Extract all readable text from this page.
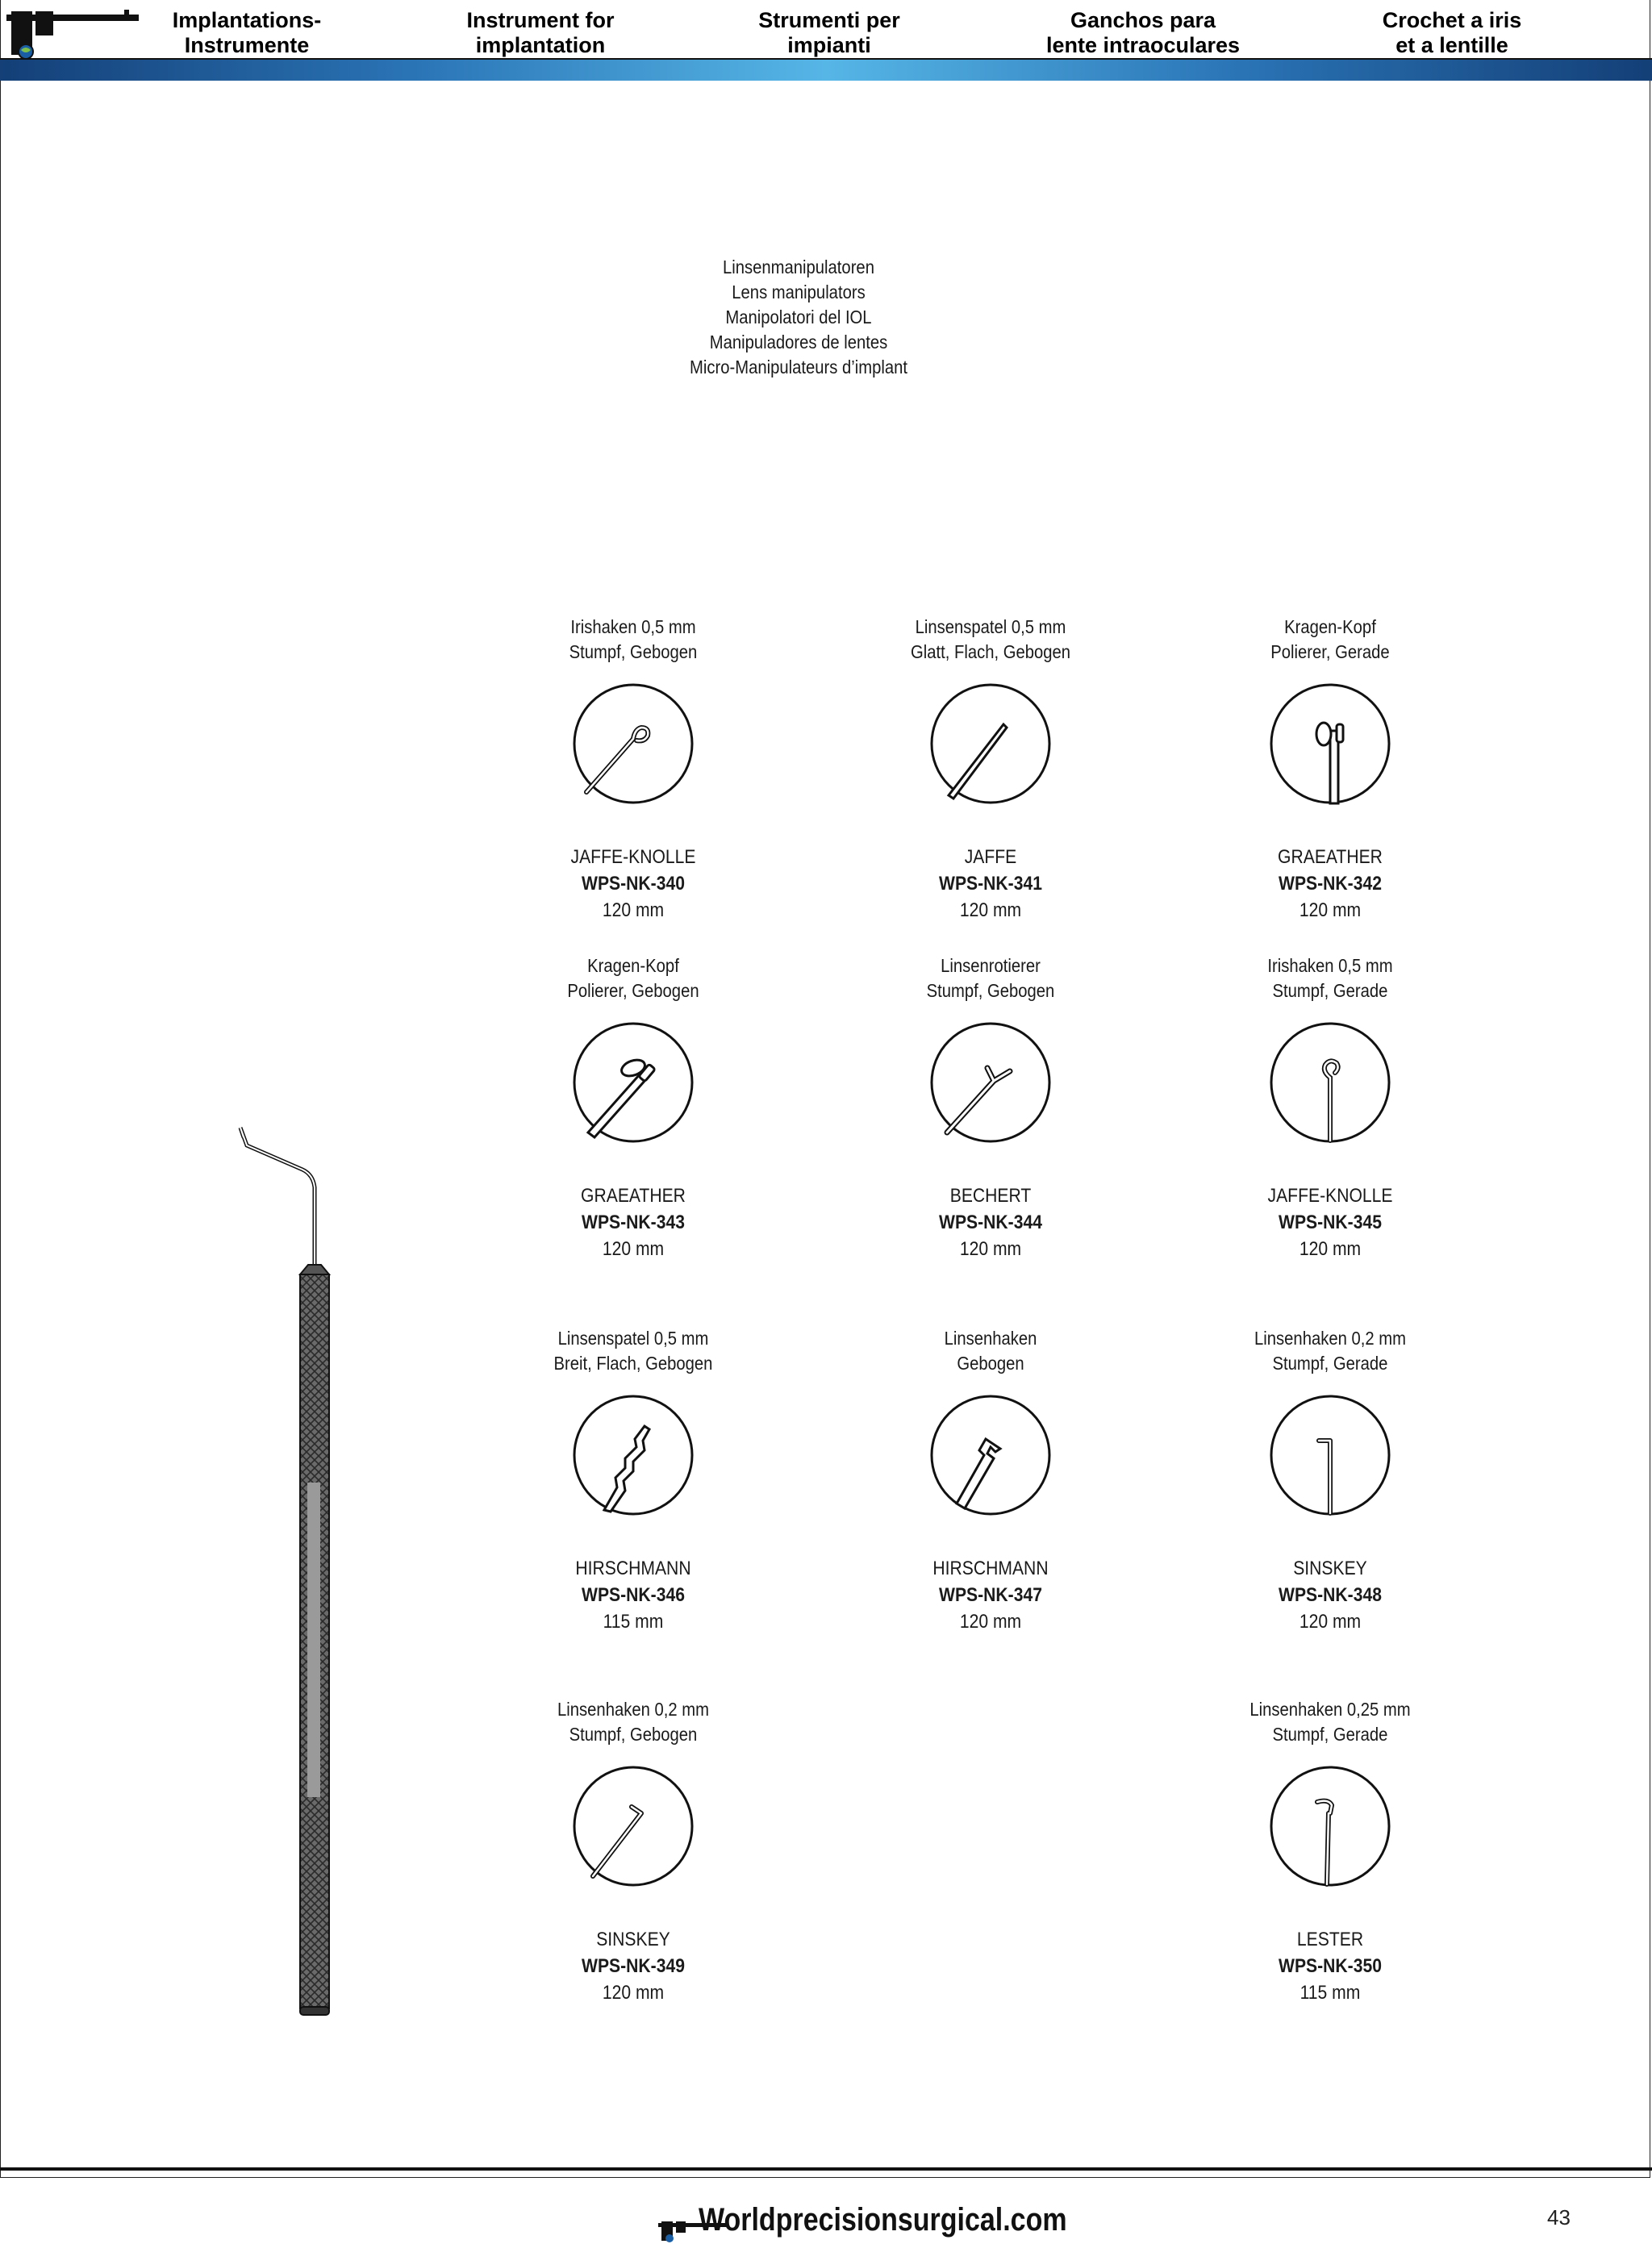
Implantations-
Instrumente
Instrument for
implantation
Strumenti per
impianti
Ganchos para
lente intraoculares
Crochet a iris
et a lentille
Linsenmanipulatoren
Lens manipulators
Manipolatori del IOL
Manipuladores de lentes
Micro-Manipulateurs d’implant
Irishaken 0,5 mm
Stumpf, Gebogen
JAFFE-KNOLLE
WPS-NK-340
120 mm
Linsenspatel 0,5 mm
Glatt, Flach, Gebogen
JAFFE
WPS-NK-341
120 mm
Kragen-Kopf
Polierer, Gerade
GRAEATHER
WPS-NK-342
120 mm
Kragen-Kopf
Polierer, Gebogen
GRAEATHER
WPS-NK-343
120 mm
Linsenrotierer
Stumpf, Gebogen
BECHERT
WPS-NK-344
120 mm
Irishaken 0,5 mm
Stumpf, Gerade
JAFFE-KNOLLE
WPS-NK-345
120 mm
Linsenspatel 0,5 mm
Breit, Flach, Gebogen
HIRSCHMANN
WPS-NK-346
115 mm
Linsenhaken
Gebogen
HIRSCHMANN
WPS-NK-347
120 mm
Linsenhaken 0,2 mm
Stumpf, Gerade
SINSKEY
WPS-NK-348
120 mm
Linsenhaken 0,2 mm
Stumpf, Gebogen
SINSKEY
WPS-NK-349
120 mm
Linsenhaken 0,25 mm
Stumpf, Gerade
LESTER
WPS-NK-350
115 mm
Worldprecisionsurgical.com	43
